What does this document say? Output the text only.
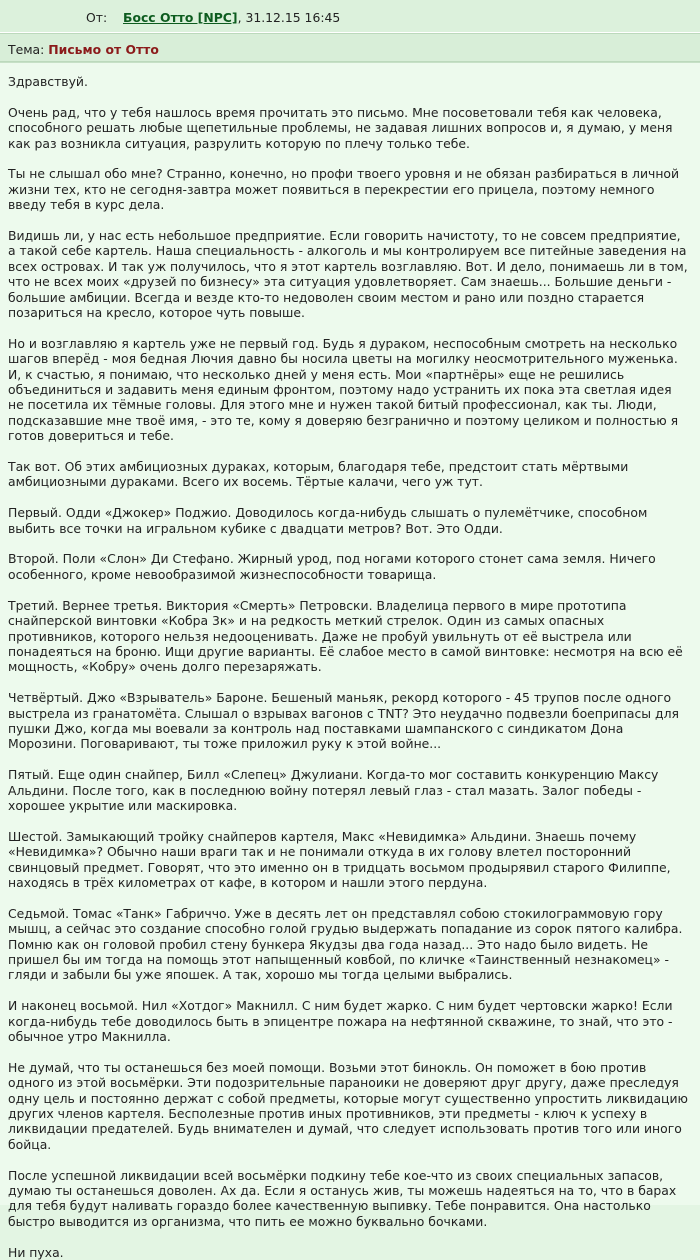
От: Босс Отто [NPC], 31.12.15 16:45
Тема: Письмо от Отто

Здравствуй.

Очень рад, что у тебя нашлось время прочитать это письмо. Мне посоветовали тебя как человека, способного решать любые щепетильные проблемы, не задавая лишних вопросов и, я думаю, у меня как раз возникла ситуация, разрулить которую по плечу только тебе.

Ты не слышал обо мне? Странно, конечно, но профи твоего уровня и не обязан разбираться в личной жизни тех, кто не сегодня-завтра может появиться в перекрестии его прицела, поэтому немного введу тебя в курс дела.

Видишь ли, у нас есть небольшое предприятие. Если говорить начистоту, то не совсем предприятие, а такой себе картель. Наша специальность - алкоголь и мы контролируем все питейные заведения на всех островах. И так уж получилось, что я этот картель возглавляю. Вот. И дело, понимаешь ли в том, что не всех моих «друзей по бизнесу» эта ситуация удовлетворяет. Сам знаешь... Большие деньги - большие амбиции. Всегда и везде кто-то недоволен своим местом и рано или поздно старается позариться на кресло, которое чуть повыше.

Но и возглавляю я картель уже не первый год. Будь я дураком, неспособным смотреть на несколько шагов вперёд - моя бедная Лючия давно бы носила цветы на могилку неосмотрительного муженька. И, к счастью, я понимаю, что несколько дней у меня есть. Мои «партнёры» еще не решились объединиться и задавить меня единым фронтом, поэтому надо устранить их пока эта светлая идея не посетила их тёмные головы. Для этого мне и нужен такой битый профессионал, как ты. Люди, подсказавшие мне твоё имя, - это те, кому я доверяю безгранично и поэтому целиком и полностью я готов довериться и тебе.

Так вот. Об этих амбициозных дураках, которым, благодаря тебе, предстоит стать мёртвыми амбициозными дураками. Всего их восемь. Тёртые калачи, чего уж тут.

Первый. Одди «Джокер» Поджио. Доводилось когда-нибудь слышать о пулемётчике, способном выбить все точки на игральном кубике с двадцати метров? Вот. Это Одди.

Второй. Поли «Слон» Ди Стефано. Жирный урод, под ногами которого стонет сама земля. Ничего особенного, кроме невообразимой жизнеспособности товарища.

Третий. Вернее третья. Виктория «Смерть» Петровски. Владелица первого в мире прототипа снайперской винтовки «Кобра 3к» и на редкость меткий стрелок. Один из самых опасных противников, которого нельзя недооценивать. Даже не пробуй увильнуть от её выстрела или понадеяться на броню. Ищи другие варианты. Её слабое место в самой винтовке: несмотря на всю её мощность, «Кобру» очень долго перезаряжать.

Четвёртый. Джо «Взрыватель» Бароне. Бешеный маньяк, рекорд которого - 45 трупов после одного выстрела из гранатомёта. Слышал о взрывах вагонов с TNT? Это неудачно подвезли боеприпасы для пушки Джо, когда мы воевали за контроль над поставками шампанского с синдикатом Дона Морозини. Поговаривают, ты тоже приложил руку к этой войне...

Пятый. Еще один снайпер, Билл «Слепец» Джулиани. Когда-то мог составить конкуренцию Максу Альдини. После того, как в последнюю войну потерял левый глаз - стал мазать. Залог победы - хорошее укрытие или маскировка.

Шестой. Замыкающий тройку снайперов картеля, Макс «Невидимка» Альдини. Знаешь почему «Невидимка»? Обычно наши враги так и не понимали откуда в их голову влетел посторонний свинцовый предмет. Говорят, что это именно он в тридцать восьмом продырявил старого Филиппе, находясь в трёх километрах от кафе, в котором и нашли этого пердуна.

Седьмой. Томас «Танк» Габриччо. Уже в десять лет он представлял собою стокилограммовую гору мышц, а сейчас это создание способно голой грудью выдержать попадание из сорок пятого калибра. Помню как он головой пробил стену бункера Якудзы два года назад... Это надо было видеть. Не пришел бы им тогда на помощь этот напыщенный ковбой, по кличке «Таинственный незнакомец» - гляди и забыли бы уже япошек. А так, хорошо мы тогда целыми выбрались.

И наконец восьмой. Нил «Хотдог» Макнилл. С ним будет жарко. С ним будет чертовски жарко! Если когда-нибудь тебе доводилось быть в эпицентре пожара на нефтянной скважине, то знай, что это - обычное утро Макнилла.

Не думай, что ты останешься без моей помощи. Возьми этот бинокль. Он поможет в бою против одного из этой восьмёрки. Эти подозрительные параноики не доверяют друг другу, даже преследуя одну цель и постоянно держат с собой предметы, которые могут существенно упростить ликвидацию других членов картеля. Бесполезные против иных противников, эти предметы - ключ к успеху в ликвидации предателей. Будь внимателен и думай, что следует использовать против того или иного бойца.

После успешной ликвидации всей восьмёрки подкину тебе кое-что из своих специальных запасов, думаю ты останешься доволен. Ах да. Если я останусь жив, ты можешь надеяться на то, что в барах для тебя будут наливать гораздо более качественную выпивку. Тебе понравится. Она настолько быстро выводится из организма, что пить ее можно буквально бочками.

Ни пуха.
